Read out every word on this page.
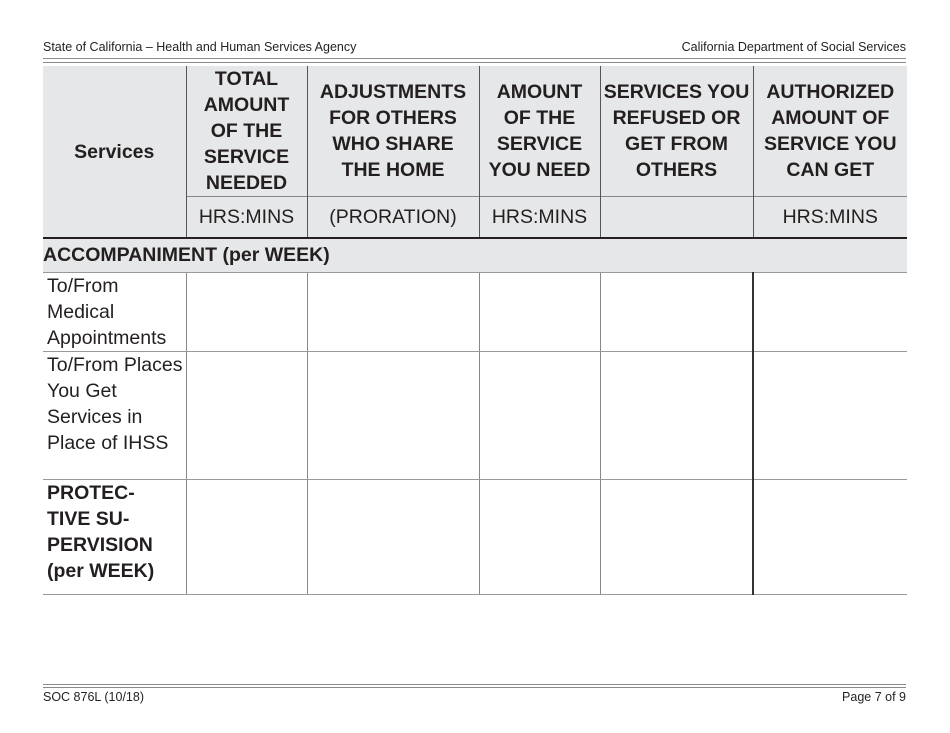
State of California – Health and Human Services Agency	California Department of Social Services
Services	TOTAL AMOUNT OF THE SERVICE NEEDED	ADJUSTMENTS FOR OTHERS WHO SHARE THE HOME	AMOUNT OF THE SERVICE YOU NEED	SERVICES YOU REFUSED OR GET FROM OTHERS	AUTHORIZED AMOUNT OF SERVICE YOU CAN GET
	HRS:MINS	(PRORATION)	HRS:MINS		HRS:MINS
ACCOMPANIMENT (per WEEK)					
To/From Medical Appointments					
To/From Places You Get Services in Place of IHSS					
PROTEC-TIVE SU-PERVISION (per WEEK)					
SOC 876L (10/18)	Page 7 of 9
